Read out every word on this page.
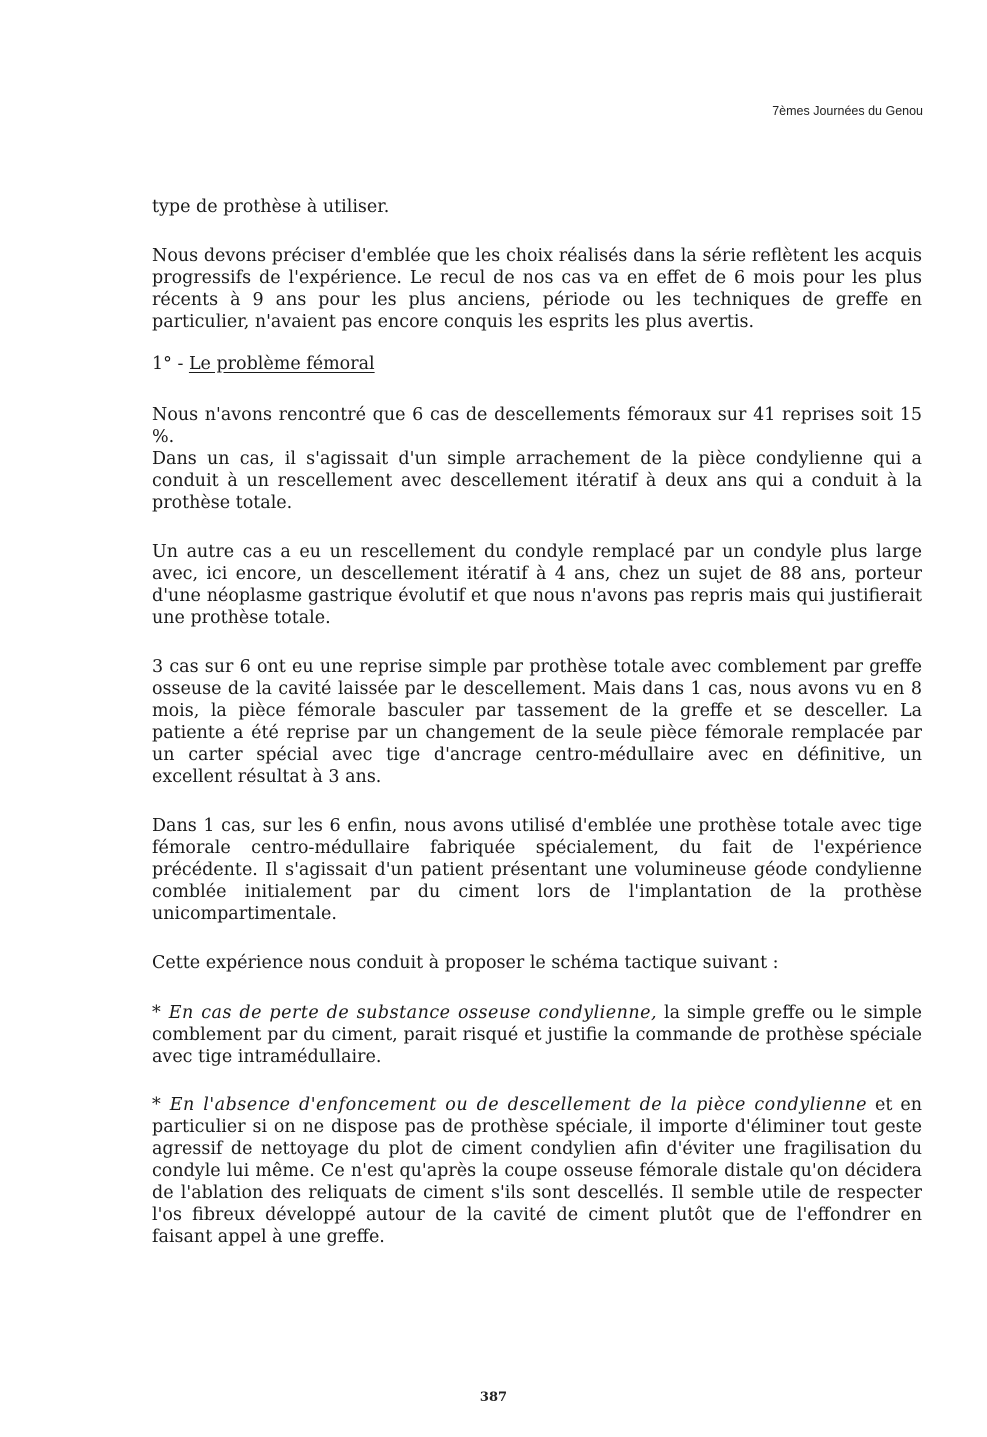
7èmes Journées du Genou

type de prothèse à utiliser.

Nous devons préciser d'emblée que les choix réalisés dans la série reflètent les acquis progressifs de l'expérience. Le recul de nos cas va en effet de 6 mois pour les plus récents à 9 ans pour les plus anciens, période ou les techniques de greffe en particulier, n'avaient pas encore conquis les esprits les plus avertis.

1° - Le problème fémoral

Nous n'avons rencontré que 6 cas de descellements fémoraux sur 41 reprises soit 15 %.

Dans un cas, il s'agissait d'un simple arrachement de la pièce condylienne qui a conduit à un rescellement avec descellement itératif à deux ans qui a conduit à la prothèse totale.

Un autre cas a eu un rescellement du condyle remplacé par un condyle plus large avec, ici encore, un descellement itératif à 4 ans, chez un sujet de 88 ans, porteur d'une néoplasme gastrique évolutif et que nous n'avons pas repris mais qui justifierait une prothèse totale.

3 cas sur 6 ont eu une reprise simple par prothèse totale avec comblement par greffe osseuse de la cavité laissée par le descellement. Mais dans 1 cas, nous avons vu en 8 mois, la pièce fémorale basculer par tassement de la greffe et se desceller. La patiente a été reprise par un changement de la seule pièce fémorale remplacée par un carter spécial avec tige d'ancrage centro-médullaire avec en définitive, un excellent résultat à 3 ans.

Dans 1 cas, sur les 6 enfin, nous avons utilisé d'emblée une prothèse totale avec tige fémorale centro-médullaire fabriquée spécialement, du fait de l'expérience précédente. Il s'agissait d'un patient présentant une volumineuse géode condylienne comblée initialement par du ciment lors de l'implantation de la prothèse unicompartimentale.

Cette expérience nous conduit à proposer le schéma tactique suivant :

* En cas de perte de substance osseuse condylienne, la simple greffe ou le simple comblement par du ciment, parait risqué et justifie la commande de prothèse spéciale avec tige intramédullaire.

* En l'absence d'enfoncement ou de descellement de la pièce condylienne et en particulier si on ne dispose pas de prothèse spéciale, il importe d'éliminer tout geste agressif de nettoyage du plot de ciment condylien afin d'éviter une fragilisation du condyle lui même. Ce n'est qu'après la coupe osseuse fémorale distale qu'on décidera de l'ablation des reliquats de ciment s'ils sont descellés. Il semble utile de respecter l'os fibreux développé autour de la cavité de ciment plutôt que de l'effondrer en faisant appel à une greffe.

387
